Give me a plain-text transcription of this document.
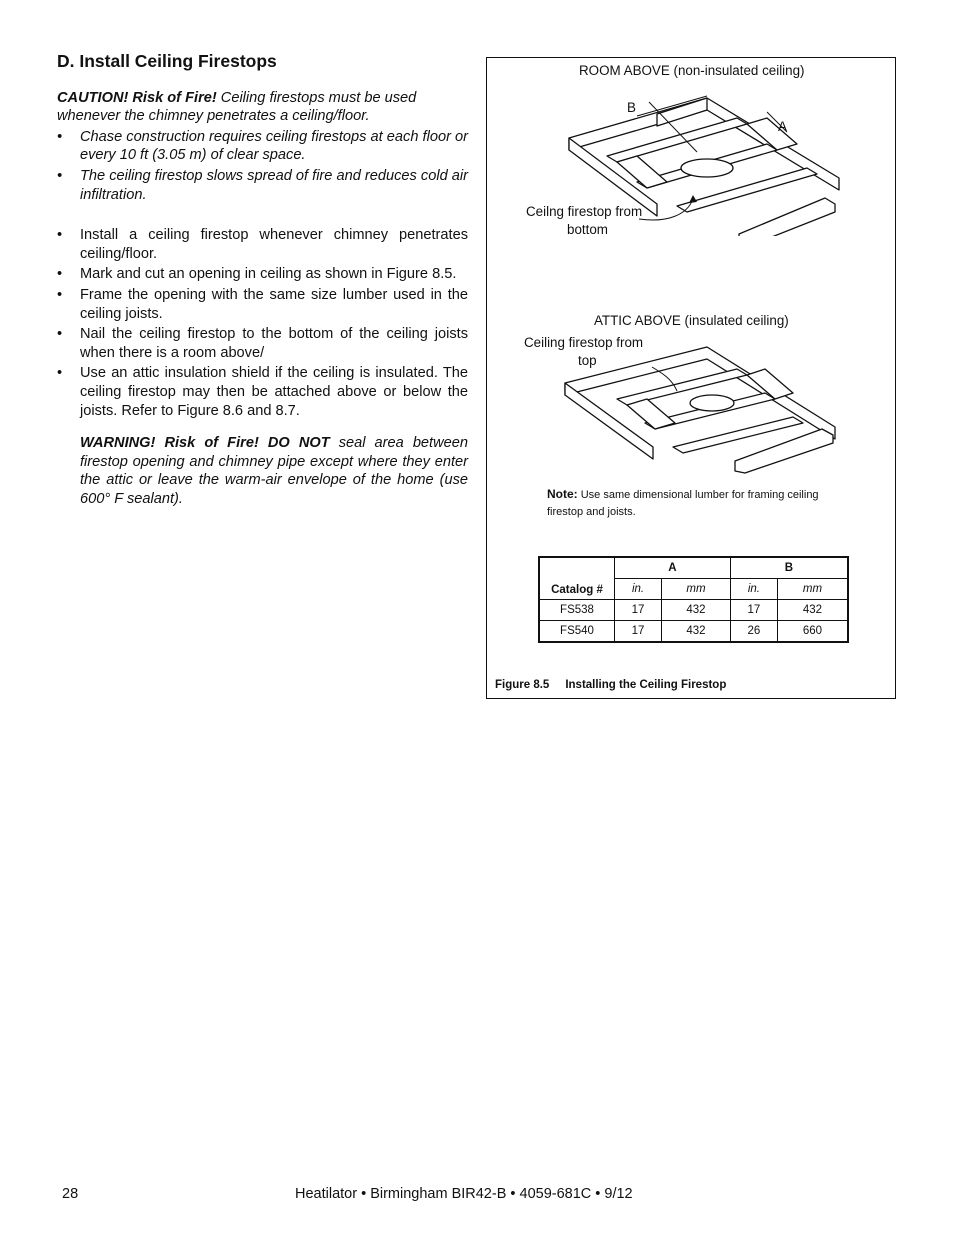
D. Install Ceiling Firestops

CAUTION! Risk of Fire! Ceiling firestops must be used whenever the chimney penetrates a ceiling/floor.

• Chase construction requires ceiling firestops at each floor or every 10 ft (3.05 m) of clear space.
• The ceiling firestop slows spread of fire and reduces cold air infiltration.
• Install a ceiling firestop whenever chimney penetrates ceiling/floor.
• Mark and cut an opening in ceiling as shown in Figure 8.5.
• Frame the opening with the same size lumber used in the ceiling joists.
• Nail the ceiling firestop to the bottom of the ceiling joists when there is a room above/
• Use an attic insulation shield if the ceiling is insulated. The ceiling firestop may then be attached above or below the joists. Refer to Figure 8.6 and 8.7.

WARNING! Risk of Fire! DO NOT seal area between firestop opening and chimney pipe except where they enter the attic or leave the warm-air envelope of the home (use 600° F sealant).

ROOM ABOVE (non-insulated ceiling)
B
A
Ceilng firestop from
bottom
ATTIC ABOVE (insulated ceiling)
Ceiling firestop from
top
Note: Use same dimensional lumber for framing ceiling firestop and joists.
Catalog #	A		B	
	in.	mm	in.	mm
FS538	17	432	17	432
FS540	17	432	26	660
Figure 8.5 Installing the Ceiling Firestop
28	Heatilator • Birmingham BIR42-B • 4059-681C • 9/12
